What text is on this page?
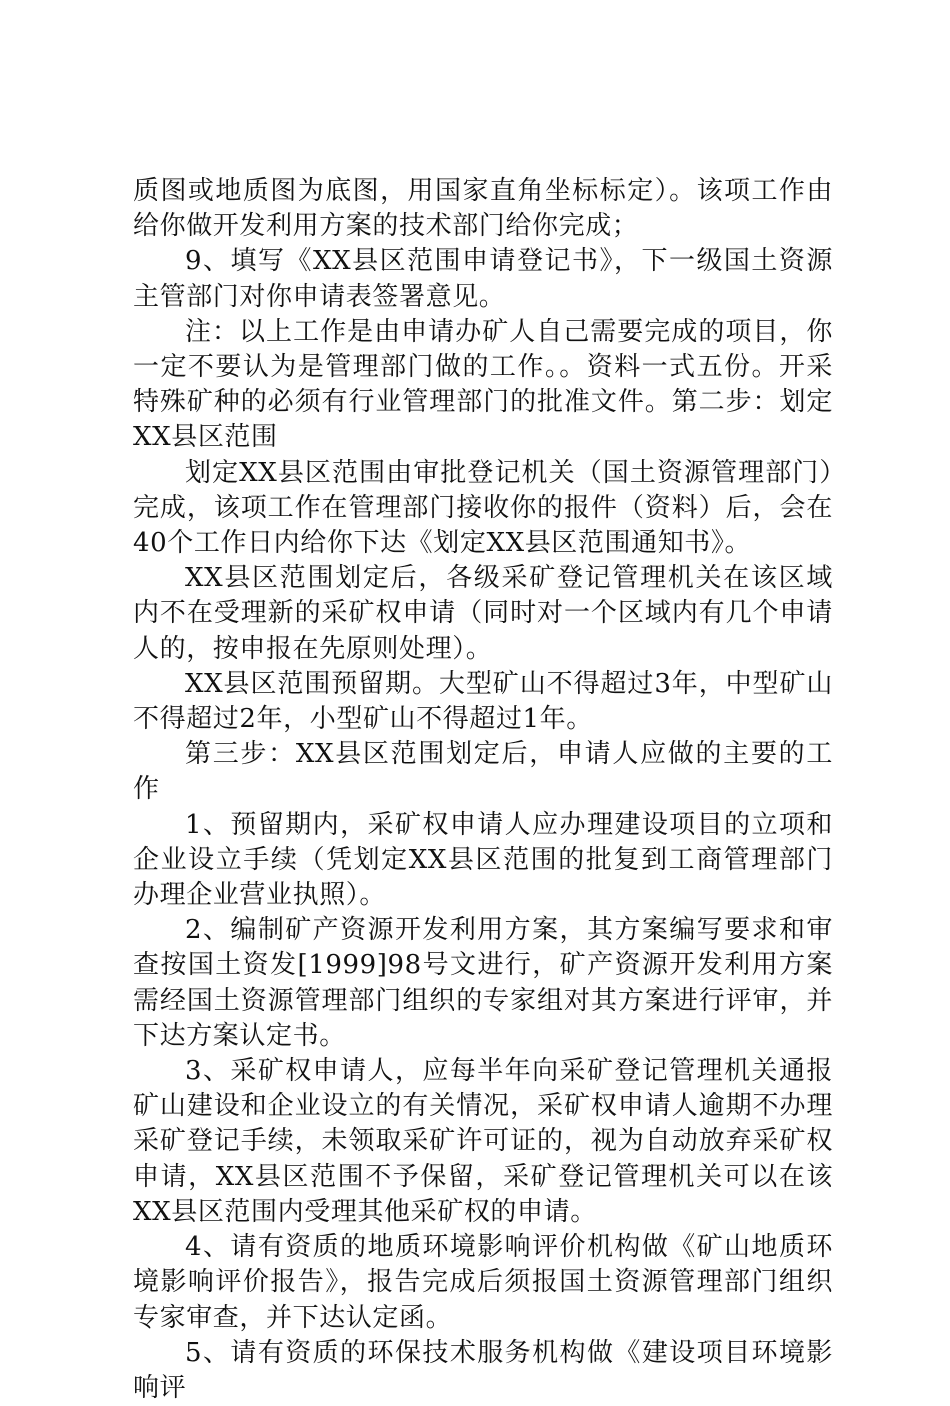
质图或地质图为底图，用国家直角坐标标定）。该项工作由给你做开发利用方案的技术部门给你完成；

9、填写《XX县区范围申请登记书》，下一级国土资源主管部门对你申请表签署意见。

注：以上工作是由申请办矿人自己需要完成的项目，你一定不要认为是管理部门做的工作。。资料一式五份。开采特殊矿种的必须有行业管理部门的批准文件。第二步：划定XX县区范围

划定XX县区范围由审批登记机关（国土资源管理部门）完成，该项工作在管理部门接收你的报件（资料）后，会在40个工作日内给你下达《划定XX县区范围通知书》。

XX县区范围划定后，各级采矿登记管理机关在该区域内不在受理新的采矿权申请（同时对一个区域内有几个申请人的，按申报在先原则处理）。

XX县区范围预留期。大型矿山不得超过3年，中型矿山不得超过2年，小型矿山不得超过1年。

第三步：XX县区范围划定后，申请人应做的主要的工作

1、预留期内，采矿权申请人应办理建设项目的立项和企业设立手续（凭划定XX县区范围的批复到工商管理部门办理企业营业执照）。

2、编制矿产资源开发利用方案，其方案编写要求和审查按国土资发[1999]98号文进行，矿产资源开发利用方案需经国土资源管理部门组织的专家组对其方案进行评审，并下达方案认定书。

3、采矿权申请人，应每半年向采矿登记管理机关通报矿山建设和企业设立的有关情况，采矿权申请人逾期不办理采矿登记手续，未领取采矿许可证的，视为自动放弃采矿权申请，XX县区范围不予保留，采矿登记管理机关可以在该XX县区范围内受理其他采矿权的申请。

4、请有资质的地质环境影响评价机构做《矿山地质环境影响评价报告》，报告完成后须报国土资源管理部门组织专家审查，并下达认定函。

5、请有资质的环保技术服务机构做《建设项目环境影响评
